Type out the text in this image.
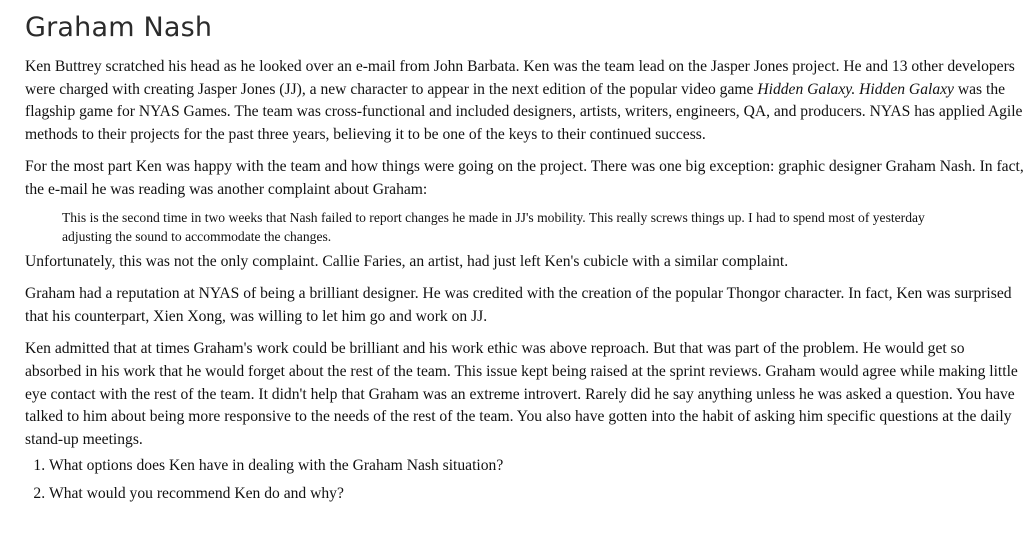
Graham Nash

Ken Buttrey scratched his head as he looked over an e-mail from John Barbata. Ken was the team lead on the Jasper Jones project. He and 13 other developers were charged with creating Jasper Jones (JJ), a new character to appear in the next edition of the popular video game Hidden Galaxy. Hidden Galaxy was the flagship game for NYAS Games. The team was cross-functional and included designers, artists, writers, engineers, QA, and producers. NYAS has applied Agile methods to their projects for the past three years, believing it to be one of the keys to their continued success.

For the most part Ken was happy with the team and how things were going on the project. There was one big exception: graphic designer Graham Nash. In fact, the e-mail he was reading was another complaint about Graham:

This is the second time in two weeks that Nash failed to report changes he made in JJ's mobility. This really screws things up. I had to spend most of yesterday adjusting the sound to accommodate the changes.

Unfortunately, this was not the only complaint. Callie Faries, an artist, had just left Ken's cubicle with a similar complaint.

Graham had a reputation at NYAS of being a brilliant designer. He was credited with the creation of the popular Thongor character. In fact, Ken was surprised that his counterpart, Xien Xong, was willing to let him go and work on JJ.

Ken admitted that at times Graham's work could be brilliant and his work ethic was above reproach. But that was part of the problem. He would get so absorbed in his work that he would forget about the rest of the team. This issue kept being raised at the sprint reviews. Graham would agree while making little eye contact with the rest of the team. It didn't help that Graham was an extreme introvert. Rarely did he say anything unless he was asked a question. You have talked to him about being more responsive to the needs of the rest of the team. You also have gotten into the habit of asking him specific questions at the daily stand-up meetings.

1. What options does Ken have in dealing with the Graham Nash situation?
2. What would you recommend Ken do and why?
